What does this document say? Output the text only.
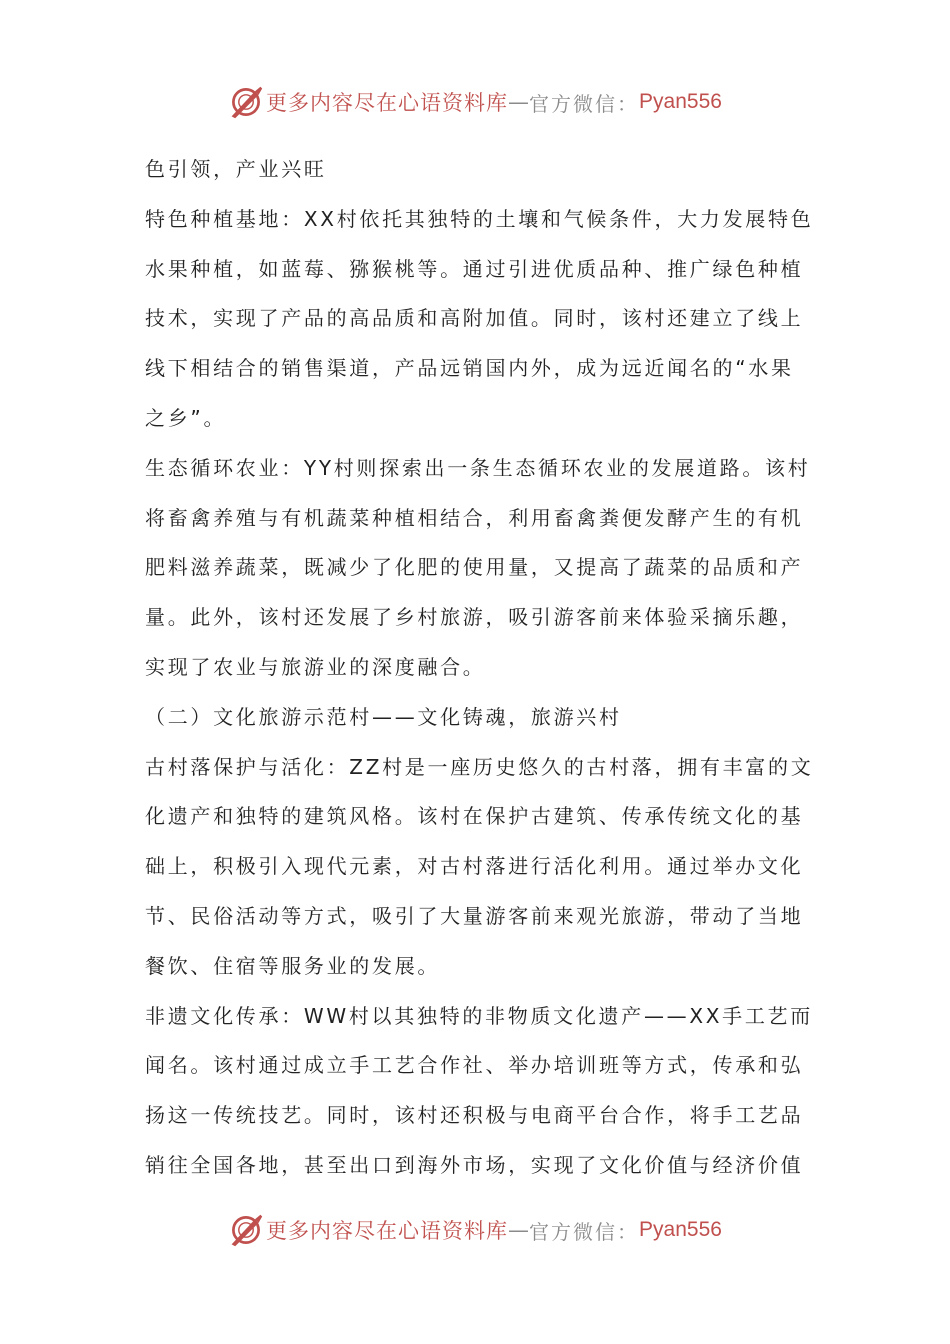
更多内容尽在心语资料库 — 官方微信： Pyan556
色引领，产业兴旺
特色种植基地：XX村依托其独特的土壤和气候条件，大力发展特色
水果种植，如蓝莓、猕猴桃等。通过引进优质品种、推广绿色种植
技术，实现了产品的高品质和高附加值。同时，该村还建立了线上
线下相结合的销售渠道，产品远销国内外，成为远近闻名的“水果
之乡”。
生态循环农业：YY村则探索出一条生态循环农业的发展道路。该村
将畜禽养殖与有机蔬菜种植相结合，利用畜禽粪便发酵产生的有机
肥料滋养蔬菜，既减少了化肥的使用量，又提高了蔬菜的品质和产
量。此外，该村还发展了乡村旅游，吸引游客前来体验采摘乐趣，
实现了农业与旅游业的深度融合。
（二）文化旅游示范村——文化铸魂，旅游兴村
古村落保护与活化：ZZ村是一座历史悠久的古村落，拥有丰富的文
化遗产和独特的建筑风格。该村在保护古建筑、传承传统文化的基
础上，积极引入现代元素，对古村落进行活化利用。通过举办文化
节、民俗活动等方式，吸引了大量游客前来观光旅游，带动了当地
餐饮、住宿等服务业的发展。
非遗文化传承：WW村以其独特的非物质文化遗产——XX手工艺而
闻名。该村通过成立手工艺合作社、举办培训班等方式，传承和弘
扬这一传统技艺。同时，该村还积极与电商平台合作，将手工艺品
销往全国各地，甚至出口到海外市场，实现了文化价值与经济价值
更多内容尽在心语资料库 — 官方微信： Pyan556
